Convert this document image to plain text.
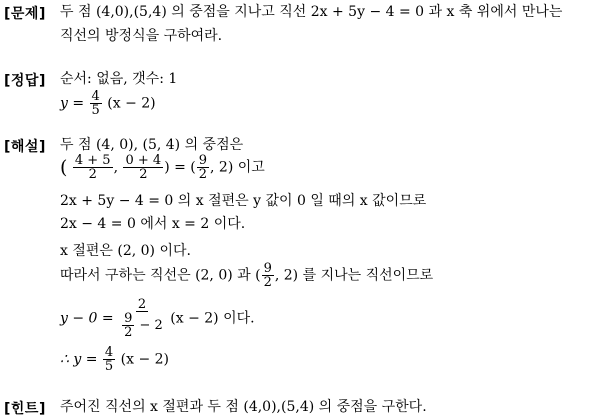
[문제] 두 점 (4,0),(5,4) 의 중점을 지나고 직선 2x + 5y − 4 = 0 과 x 축 위에서 만나는
직선의 방정식을 구하여라.
[정답] 순서: 없음, 갯수: 1
$y = \frac{4}{5} (x - 2)$
[해설] 두 점 (4, 0), (5, 4) 의 중점은
( $\frac{4 + 5}{2}$ , $\frac{0 + 4}{2}$ ) = ( $\frac{9}{2}$ , 2) 이고
2x + 5y − 4 = 0 의 x 절편은 y 값이 0 일 때의 x 값이므로
2x − 4 = 0 에서 x = 2 이다.
x 절편은 (2, 0) 이다.
따라서 구하는 직선은 (2, 0) 과 ( $\frac{9}{2}$ , 2) 를 지나는 직선이므로
y − 0 = 2
$\frac{9}{2}$
− 2 (x − 2) 이다.
∴ $y = \frac{4}{5} (x - 2)$
[힌트] 주어진 직선의 x 절편과 두 점 (4,0),(5,4) 의 중점을 구한다.
